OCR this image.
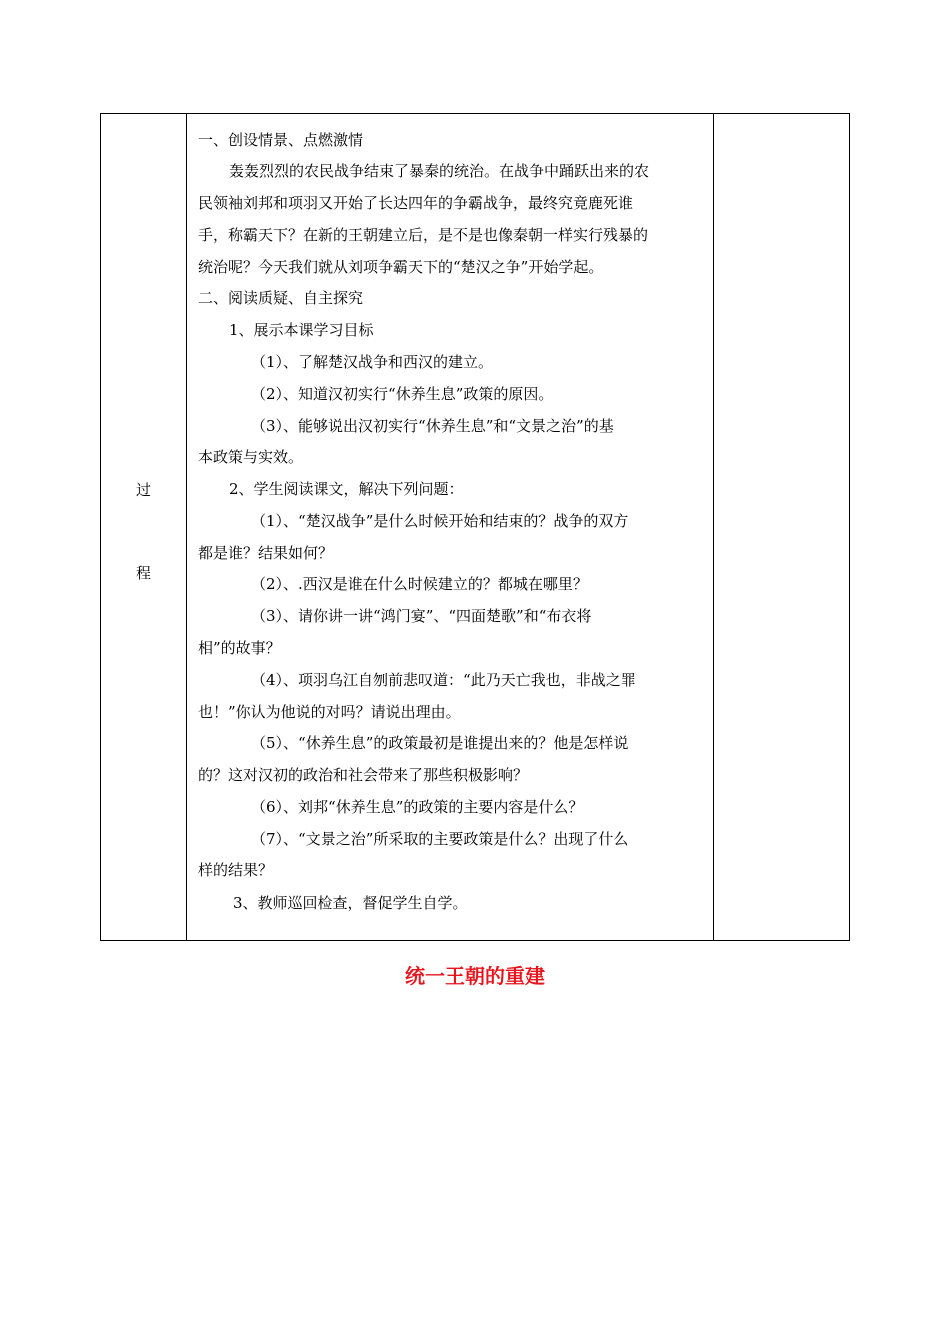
过
程
一、创设情景、点燃激情
轰轰烈烈的农民战争结束了暴秦的统治。在战争中踊跃出来的农
民领袖刘邦和项羽又开始了长达四年的争霸战争，最终究竟鹿死谁
手，称霸天下？在新的王朝建立后，是不是也像秦朝一样实行残暴的
统治呢？今天我们就从刘项争霸天下的“楚汉之争”开始学起。
二、阅读质疑、自主探究
1、展示本课学习目标
（1）、了解楚汉战争和西汉的建立。
（2）、知道汉初实行“休养生息”政策的原因。
（3）、能够说出汉初实行“休养生息”和“文景之治”的基
本政策与实效。
2、学生阅读课文，解决下列问题：
（1）、“楚汉战争”是什么时候开始和结束的？战争的双方
都是谁？结果如何？
（2）、.西汉是谁在什么时候建立的？都城在哪里？
（3）、请你讲一讲“鸿门宴”、“四面楚歌”和“布衣将
相”的故事？
（4）、项羽乌江自刎前悲叹道：“此乃天亡我也，非战之罪
也！”你认为他说的对吗？请说出理由。
（5）、“休养生息”的政策最初是谁提出来的？他是怎样说
的？这对汉初的政治和社会带来了那些积极影响？
（6）、刘邦“休养生息”的政策的主要内容是什么？
（7）、“文景之治”所采取的主要政策是什么？出现了什么
样的结果？
3、教师巡回检查，督促学生自学。
统一王朝的重建
